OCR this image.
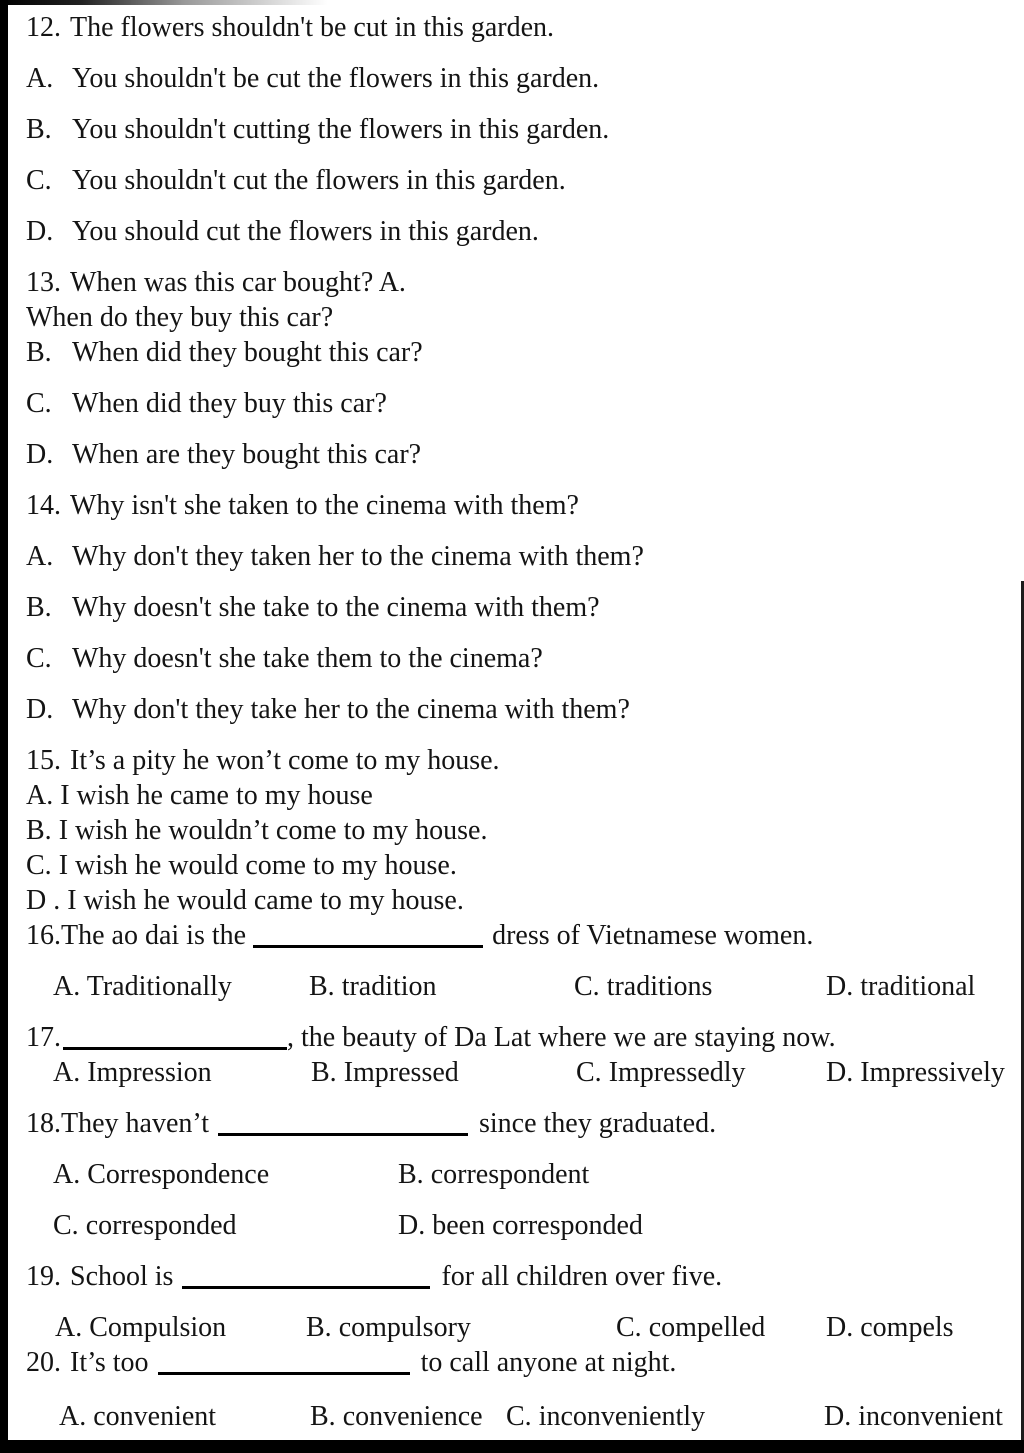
12. The flowers shouldn't be cut in this garden.
A. You shouldn't be cut the flowers in this garden.
B. You shouldn't cutting the flowers in this garden.
C. You shouldn't cut the flowers in this garden.
D. You should cut the flowers in this garden.
13. When was this car bought? A.
When do they buy this car?
B. When did they bought this car?
C. When did they buy this car?
D. When are they bought this car?
14. Why isn't she taken to the cinema with them?
A. Why don't they taken her to the cinema with them?
B. Why doesn't she take to the cinema with them?
C. Why doesn't she take them to the cinema?
D. Why don't they take her to the cinema with them?
15. It’s a pity he won’t come to my house.
A. I wish he came to my house
B. I wish he wouldn’t come to my house.
C. I wish he would come to my house.
D . I wish he would came to my house.
16.The ao dai is the	dress of Vietnamese women.
A. Traditionally	B. tradition	C. traditions	D. traditional
17.	, the beauty of Da Lat where we are staying now.
A. Impression	B. Impressed	C. Impressedly	D. Impressively
18.They haven’t	since they graduated.
A. Correspondence	B. correspondent
C. corresponded	D. been corresponded
19. School is	for all children over five.
A. Compulsion	B. compulsory	C. compelled D. compels
20. It’s too	to call anyone at night.
A. convenient	B. convenience C. inconveniently	D. inconvenient
